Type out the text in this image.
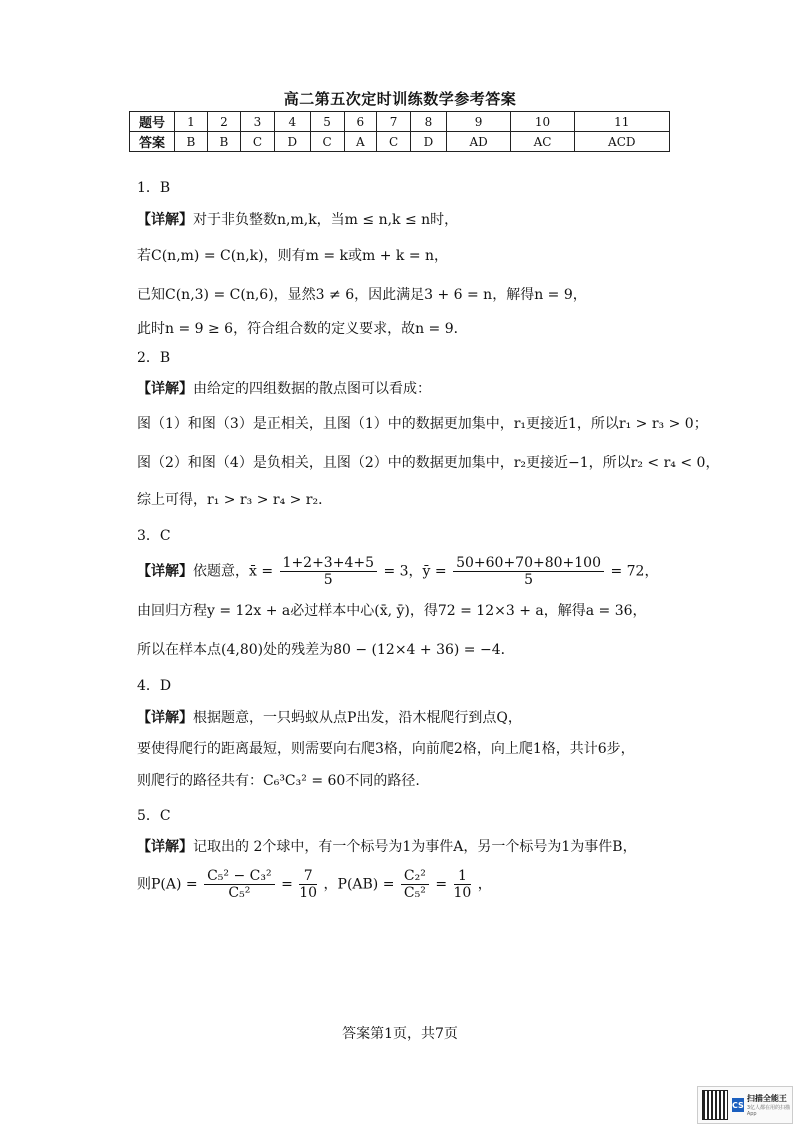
高二第五次定时训练数学参考答案
题号	1	2	3	4	5	6	7	8	9	10	11
答案	B	B	C	D	C	A	C	D	AD	AC	ACD
1．B
【详解】对于非负整数n,m,k，当m ≤ n,k ≤ n时，
若C(n,m) = C(n,k)，则有m = k或m + k = n，
已知C(n,3) = C(n,6)，显然3 ≠ 6，因此满足3 + 6 = n，解得n = 9，
此时n = 9 ≥ 6，符合组合数的定义要求，故n = 9．
2．B
【详解】由给定的四组数据的散点图可以看成：
图（1）和图（3）是正相关，且图（1）中的数据更加集中，r₁更接近1，所以r₁ > r₃ > 0；
图（2）和图（4）是负相关，且图（2）中的数据更加集中，r₂更接近−1，所以r₂ < r₄ < 0，
综上可得，r₁ > r₃ > r₄ > r₂．
3．C
【详解】依题意，x̄ = $\frac{1+2+3+4+5}{5} = 3$，ȳ = $\frac{50+60+70+80+100}{5} = 72$，
由回归方程y = 12x + a必过样本中心(x̄, ȳ)，得72 = 12×3 + a，解得a = 36，
所以在样本点(4,80)处的残差为80 − (12×4 + 36) = −4．
4．D
【详解】根据题意，一只蚂蚁从点P出发，沿木棍爬行到点Q，
要使得爬行的距离最短，则需要向右爬3格，向前爬2格，向上爬1格，共计6步，
则爬行的路径共有：C₆³C₃² = 60不同的路径.
5．C
【详解】记取出的 2个球中，有一个标号为1为事件A，另一个标号为1为事件B，
则$P(A) = \frac{\text{C₅² − C₃²}}{\text{C₅²}} = \frac{7}{10}$ ，$P(AB) = \frac{\text{C₂²}}{\text{C₅²}} = \frac{1}{10}$ ，
答案第1页，共7页
CS
扫描全能王
3亿人都在用的扫描App
